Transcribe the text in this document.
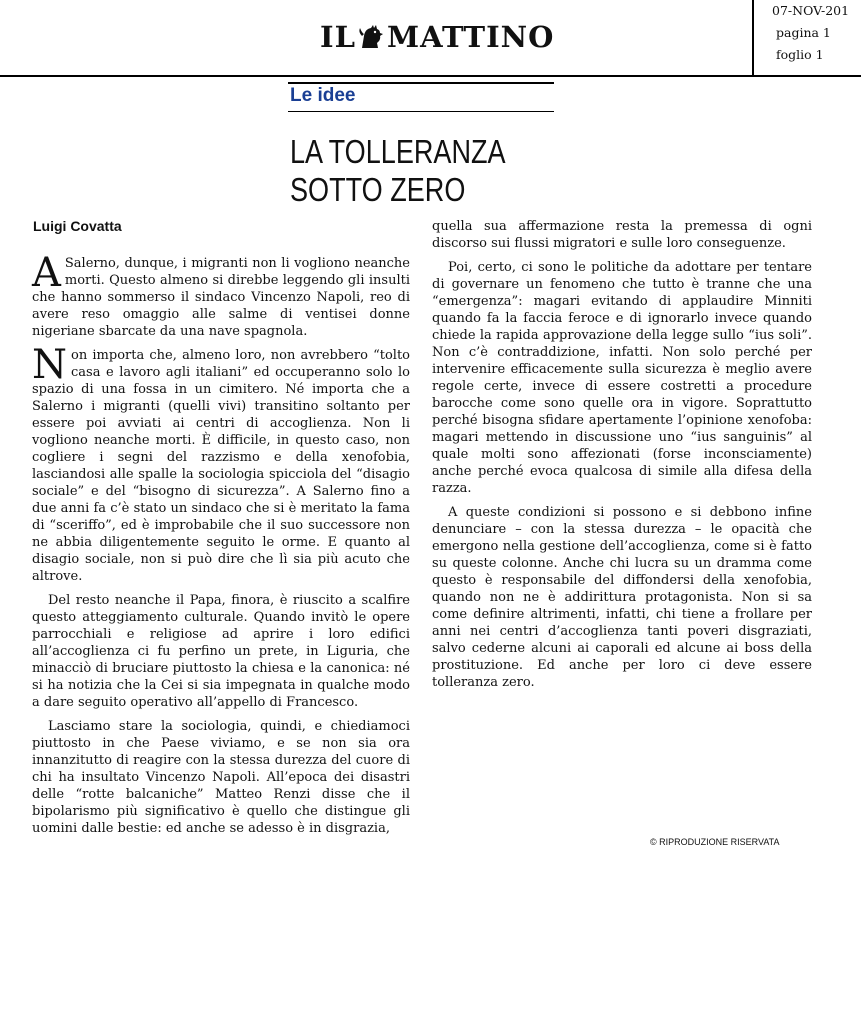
IL MATTINO
07-NOV-201
pagina 1
foglio 1
Le idee
LA TOLLERANZA
SOTTO ZERO
Luigi Covatta

A Salerno, dunque, i migranti non li vogliono neanche morti. Questo almeno si direbbe leggendo gli insulti che hanno sommerso il sindaco Vincenzo Napoli, reo di avere reso omaggio alle salme di ventisei donne nigeriane sbarcate da una nave spagnola.

Non importa che, almeno loro, non avrebbero “tolto casa e lavoro agli italiani” ed occuperanno solo lo spazio di una fossa in un cimitero. Né importa che a Salerno i migranti (quelli vivi) transitino soltanto per essere poi avviati ai centri di accoglienza. Non li vogliono neanche morti. È difficile, in questo caso, non cogliere i segni del razzismo e della xenofobia, lasciandosi alle spalle la sociologia spicciola del “disagio sociale” e del “bisogno di sicurezza”. A Salerno fino a due anni fa c’è stato un sindaco che si è meritato la fama di “sceriffo”, ed è improbabile che il suo successore non ne abbia diligentemente seguito le orme. E quanto al disagio sociale, non si può dire che lì sia più acuto che altrove.

Del resto neanche il Papa, finora, è riuscito a scalfire questo atteggiamento culturale. Quando invitò le opere parrocchiali e religiose ad aprire i loro edifici all’accoglienza ci fu perfino un prete, in Liguria, che minacciò di bruciare piuttosto la chiesa e la canonica: né si ha notizia che la Cei si sia impegnata in qualche modo a dare seguito operativo all’appello di Francesco.

Lasciamo stare la sociologia, quindi, e chiediamoci piuttosto in che Paese viviamo, e se non sia ora innanzitutto di reagire con la stessa durezza del cuore di chi ha insultato Vincenzo Napoli. All’epoca dei disastri delle “rotte balcaniche” Matteo Renzi disse che il bipolarismo più significativo è quello che distingue gli uomini dalle bestie: ed anche se adesso è in disgrazia,

quella sua affermazione resta la premessa di ogni discorso sui flussi migratori e sulle loro conseguenze.

Poi, certo, ci sono le politiche da adottare per tentare di governare un fenomeno che tutto è tranne che una “emergenza”: magari evitando di applaudire Minniti quando fa la faccia feroce e di ignorarlo invece quando chiede la rapida approvazione della legge sullo “ius soli”. Non c’è contraddizione, infatti. Non solo perché per intervenire efficacemente sulla sicurezza è meglio avere regole certe, invece di essere costretti a procedure barocche come sono quelle ora in vigore. Soprattutto perché bisogna sfidare apertamente l’opinione xenofoba: magari mettendo in discussione uno “ius sanguinis” al quale molti sono affezionati (forse inconsciamente) anche perché evoca qualcosa di simile alla difesa della razza.

A queste condizioni si possono e si debbono infine denunciare – con la stessa durezza – le opacità che emergono nella gestione dell’accoglienza, come si è fatto su queste colonne. Anche chi lucra su un dramma come questo è responsabile del diffondersi della xenofobia, quando non ne è addirittura protagonista. Non si sa come definire altrimenti, infatti, chi tiene a frollare per anni nei centri d’accoglienza tanti poveri disgraziati, salvo cederne alcuni ai caporali ed alcune ai boss della prostituzione. Ed anche per loro ci deve essere tolleranza zero.

© RIPRODUZIONE RISERVATA
